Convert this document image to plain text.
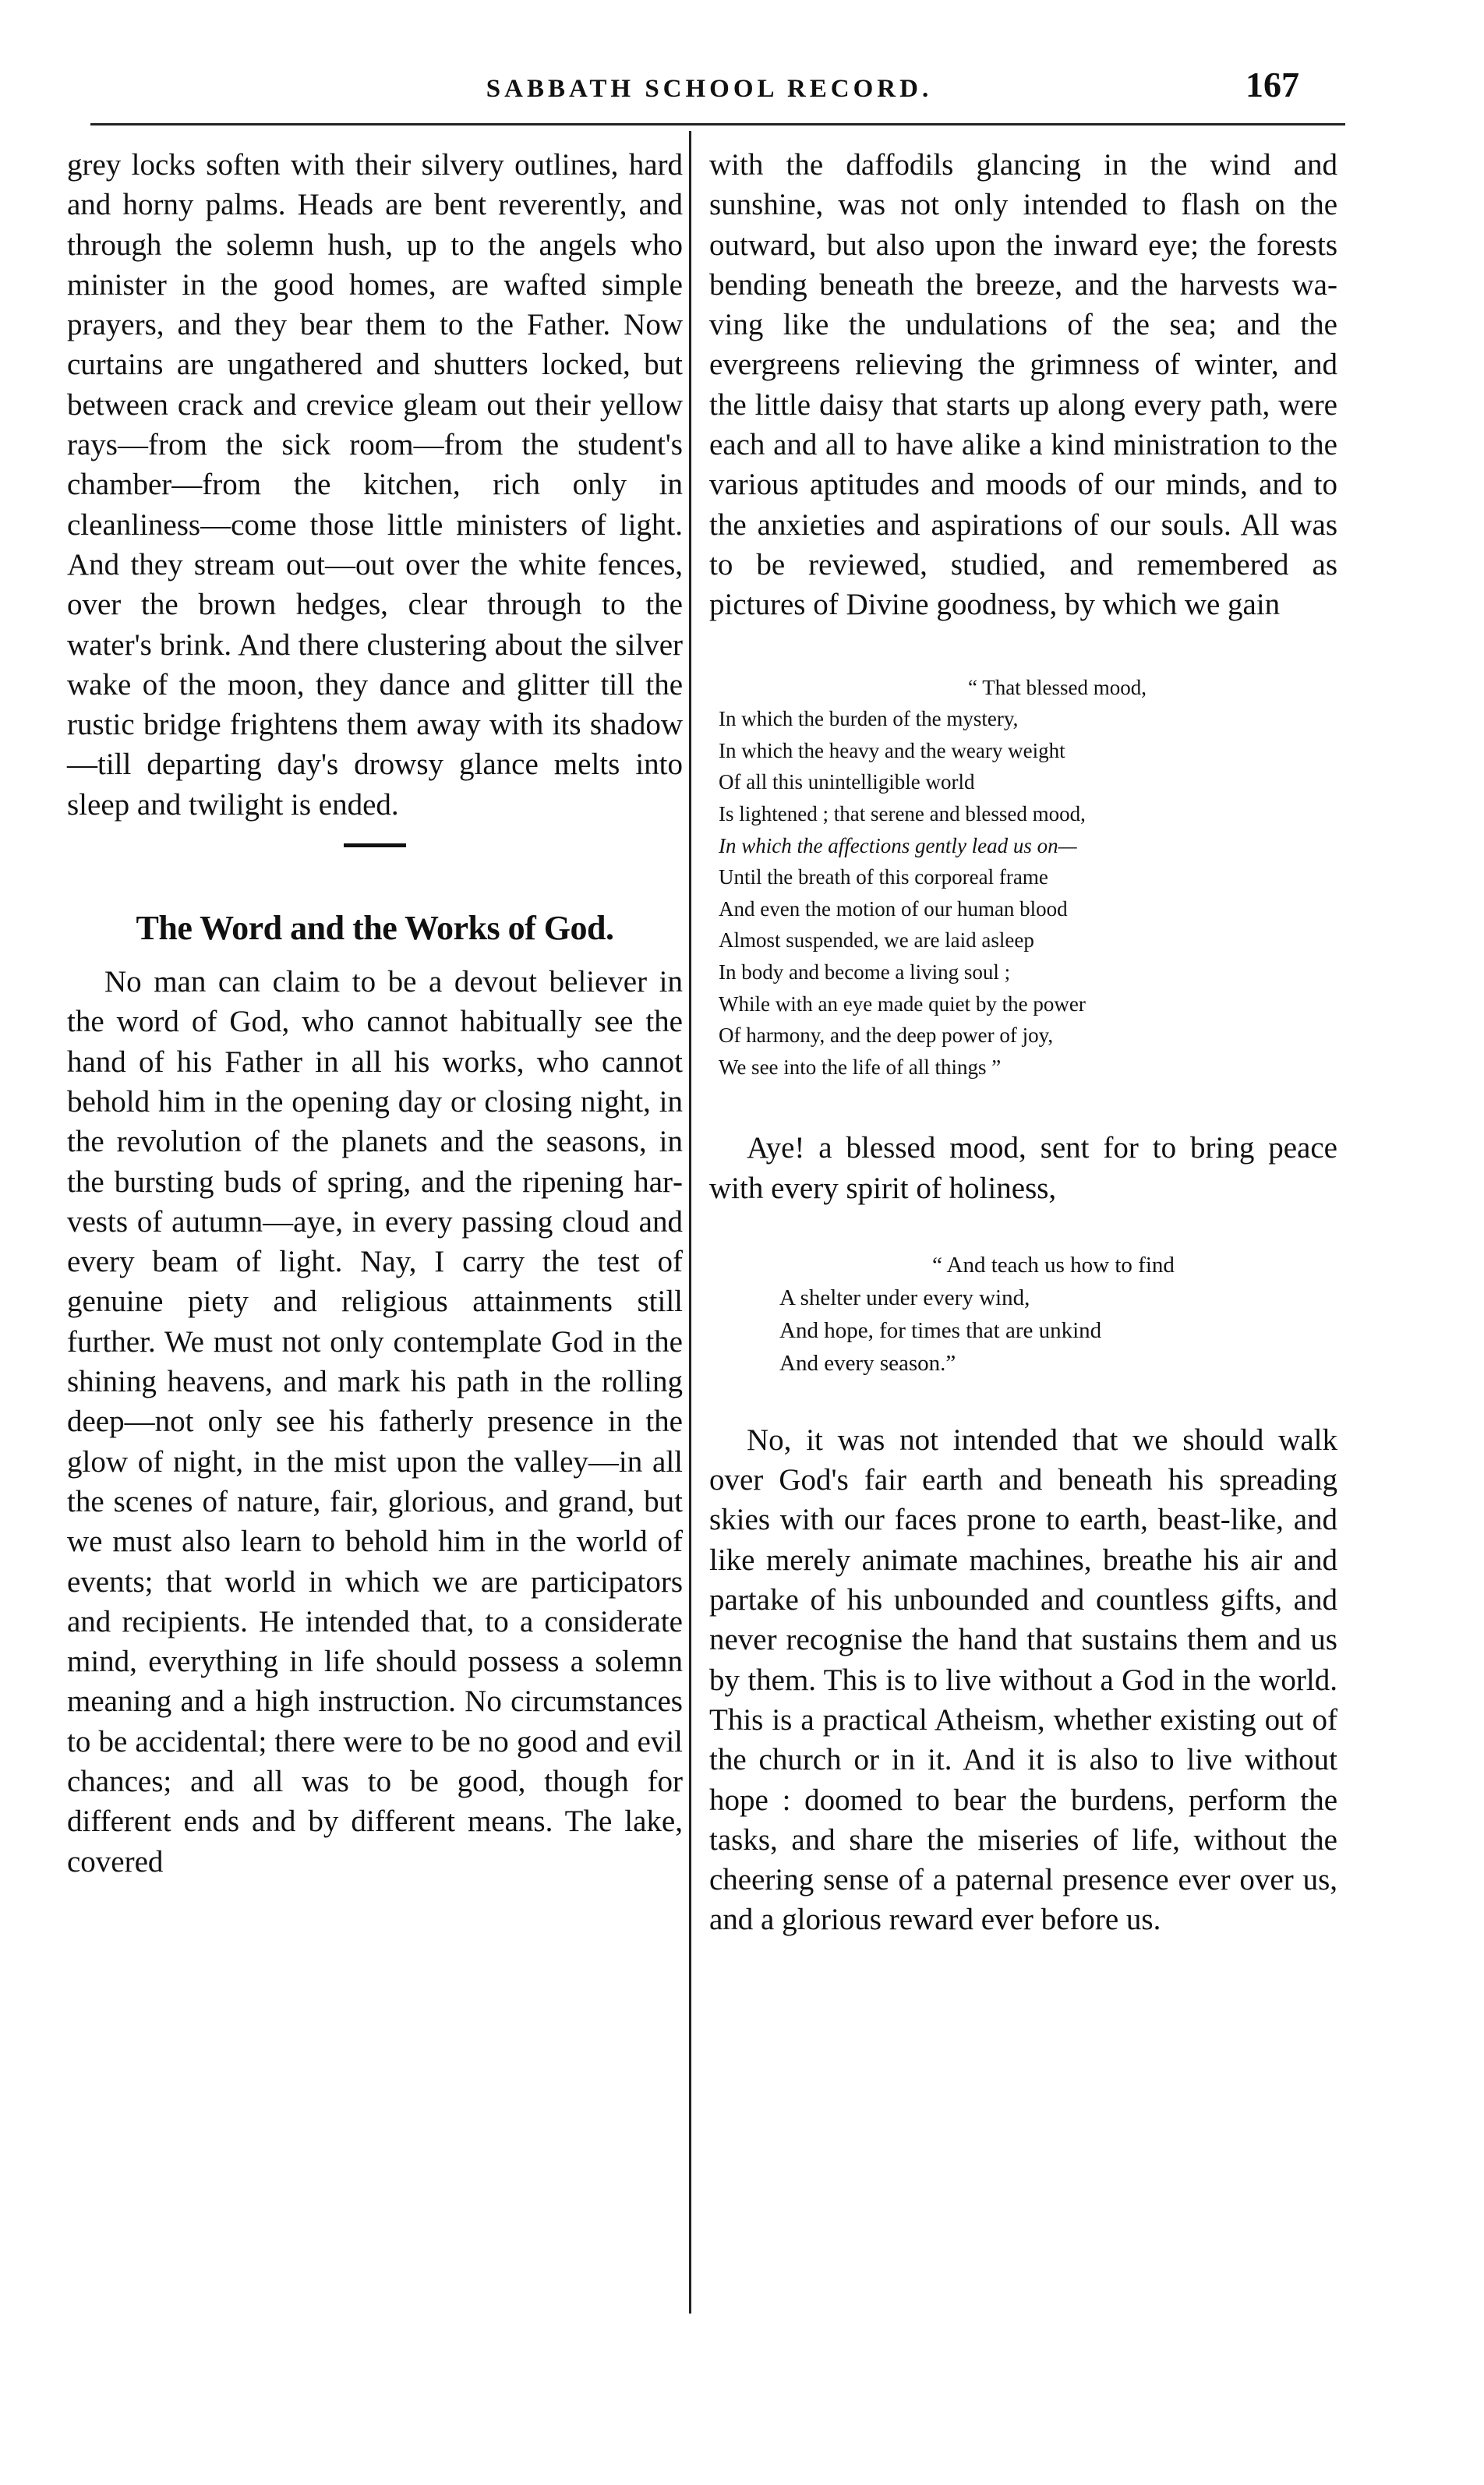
SABBATH SCHOOL RECORD.	167

grey locks soften with their silvery outlines, hard and horny palms. Heads are bent reverently, and through the solemn hush, up to the angels who minister in the good homes, are wafted simple prayers, and they bear them to the Father. Now curtains are ungathered and shutters locked, but between crack and crevice gleam out their yellow rays—from the sick room—from the student's chamber—from the kitchen, rich only in cleanliness—come those little ministers of light. And they stream out—out over the white fences, over the brown hedges, clear through to the water's brink. And there clustering about the silver wake of the moon, they dance and glitter till the rustic bridge frightens them away with its shadow—till departing day's drowsy glance melts into sleep and twilight is ended.

The Word and the Works of God.

No man can claim to be a devout believer in the word of God, who cannot habitually see the hand of his Father in all his works, who cannot behold him in the opening day or closing night, in the revolution of the planets and the seasons, in the bursting buds of spring, and the ripening harvests of autumn—aye, in every passing cloud and every beam of light. Nay, I carry the test of genuine piety and religious attainments still further. We must not only contemplate God in the shining heavens, and mark his path in the rolling deep—not only see his fatherly presence in the glow of night, in the mist upon the valley—in all the scenes of nature, fair, glorious, and grand, but we must also learn to behold him in the world of events; that world in which we are participators and recipients. He intended that, to a considerate mind, everything in life should possess a solemn meaning and a high instruction. No circumstances to be accidental; there were to be no good and evil chances; and all was to be good, though for different ends and by different means. The lake, covered

with the daffodils glancing in the wind and sunshine, was not only intended to flash on the outward, but also upon the inward eye; the forests bending beneath the breeze, and the harvests waving like the undulations of the sea; and the evergreens relieving the grimness of winter, and the little daisy that starts up along every path, were each and all to have alike a kind ministration to the various aptitudes and moods of our minds, and to the anxieties and aspirations of our souls. All was to be reviewed, studied, and remembered as pictures of Divine goodness, by which we gain

“ That blessed mood,
In which the burden of the mystery,
In which the heavy and the weary weight
Of all this unintelligible world
Is lightened ; that serene and blessed mood,
In which the affections gently lead us on—
Until the breath of this corporeal frame
And even the motion of our human blood
Almost suspended, we are laid asleep
In body and become a living soul ;
While with an eye made quiet by the power
Of harmony, and the deep power of joy,
We see into the life of all things ”

Aye! a blessed mood, sent for to bring peace with every spirit of holiness,

“ And teach us how to find
A shelter under every wind,
And hope, for times that are unkind
And every season.”

No, it was not intended that we should walk over God's fair earth and beneath his spreading skies with our faces prone to earth, beast-like, and like merely animate machines, breathe his air and partake of his unbounded and countless gifts, and never recognise the hand that sustains them and us by them. This is to live without a God in the world. This is a practical Atheism, whether existing out of the church or in it. And it is also to live without hope : doomed to bear the burdens, perform the tasks, and share the miseries of life, without the cheering sense of a paternal presence ever over us, and a glorious reward ever before us.
